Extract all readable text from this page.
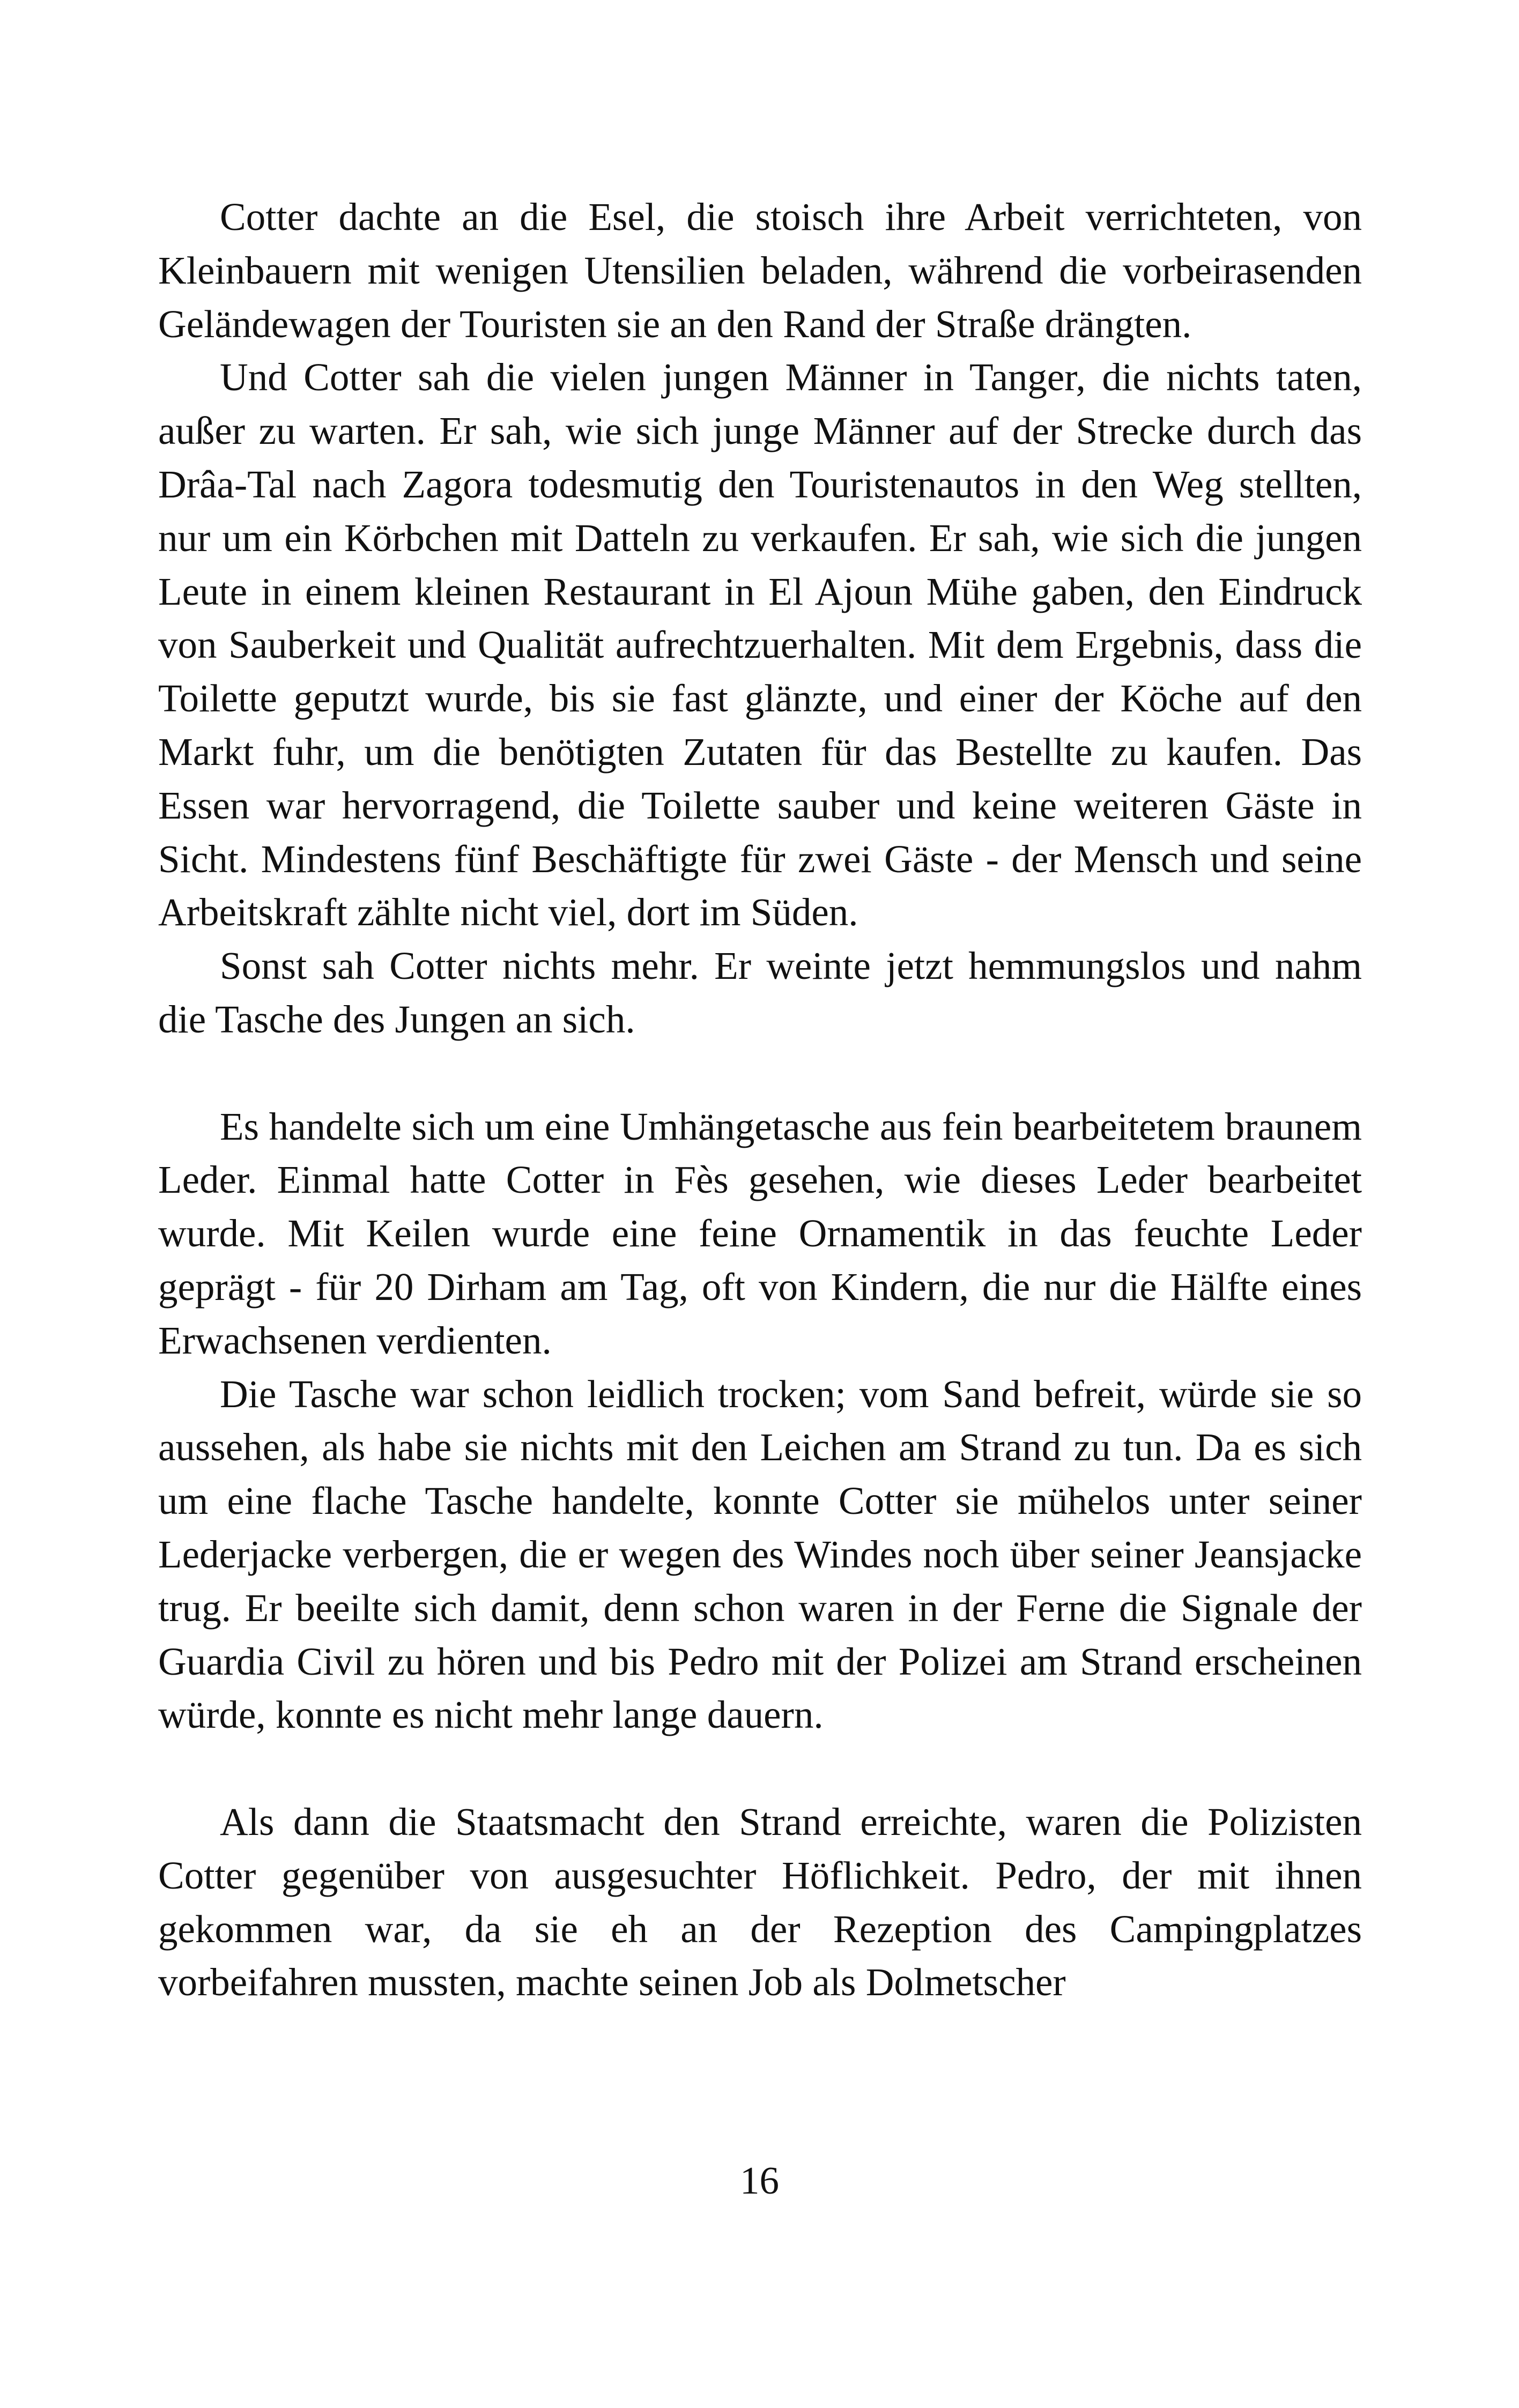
Cotter dachte an die Esel, die stoisch ihre Arbeit verrichteten, von Kleinbauern mit wenigen Utensilien beladen, während die vorbeirasenden Geländewagen der Touristen sie an den Rand der Straße drängten.

Und Cotter sah die vielen jungen Männer in Tanger, die nichts taten, außer zu warten. Er sah, wie sich junge Männer auf der Strecke durch das Drâa-Tal nach Zagora todesmutig den Touristenautos in den Weg stellten, nur um ein Körbchen mit Datteln zu verkaufen. Er sah, wie sich die jungen Leute in einem kleinen Restaurant in El Ajoun Mühe gaben, den Eindruck von Sauberkeit und Qualität aufrechtzuerhalten. Mit dem Ergebnis, dass die Toilette geputzt wurde, bis sie fast glänzte, und einer der Köche auf den Markt fuhr, um die benötigten Zutaten für das Bestellte zu kaufen. Das Essen war hervorragend, die Toilette sauber und keine weiteren Gäste in Sicht. Mindestens fünf Beschäftigte für zwei Gäste - der Mensch und seine Arbeitskraft zählte nicht viel, dort im Süden.

Sonst sah Cotter nichts mehr. Er weinte jetzt hemmungslos und nahm die Tasche des Jungen an sich.

Es handelte sich um eine Umhängetasche aus fein bearbeitetem braunem Leder. Einmal hatte Cotter in Fès gesehen, wie dieses Leder bearbeitet wurde. Mit Keilen wurde eine feine Ornamentik in das feuchte Leder geprägt - für 20 Dirham am Tag, oft von Kindern, die nur die Hälfte eines Erwachsenen verdienten.

Die Tasche war schon leidlich trocken; vom Sand befreit, würde sie so aussehen, als habe sie nichts mit den Leichen am Strand zu tun. Da es sich um eine flache Tasche handelte, konnte Cotter sie mühelos unter seiner Lederjacke verbergen, die er wegen des Windes noch über seiner Jeansjacke trug. Er beeilte sich damit, denn schon waren in der Ferne die Signale der Guardia Civil zu hören und bis Pedro mit der Polizei am Strand erscheinen würde, konnte es nicht mehr lange dauern.

Als dann die Staatsmacht den Strand erreichte, waren die Polizisten Cotter gegenüber von ausgesuchter Höflichkeit. Pedro, der mit ihnen gekommen war, da sie eh an der Rezeption des Campingplatzes vorbeifahren mussten, machte seinen Job als Dolmetscher

16
